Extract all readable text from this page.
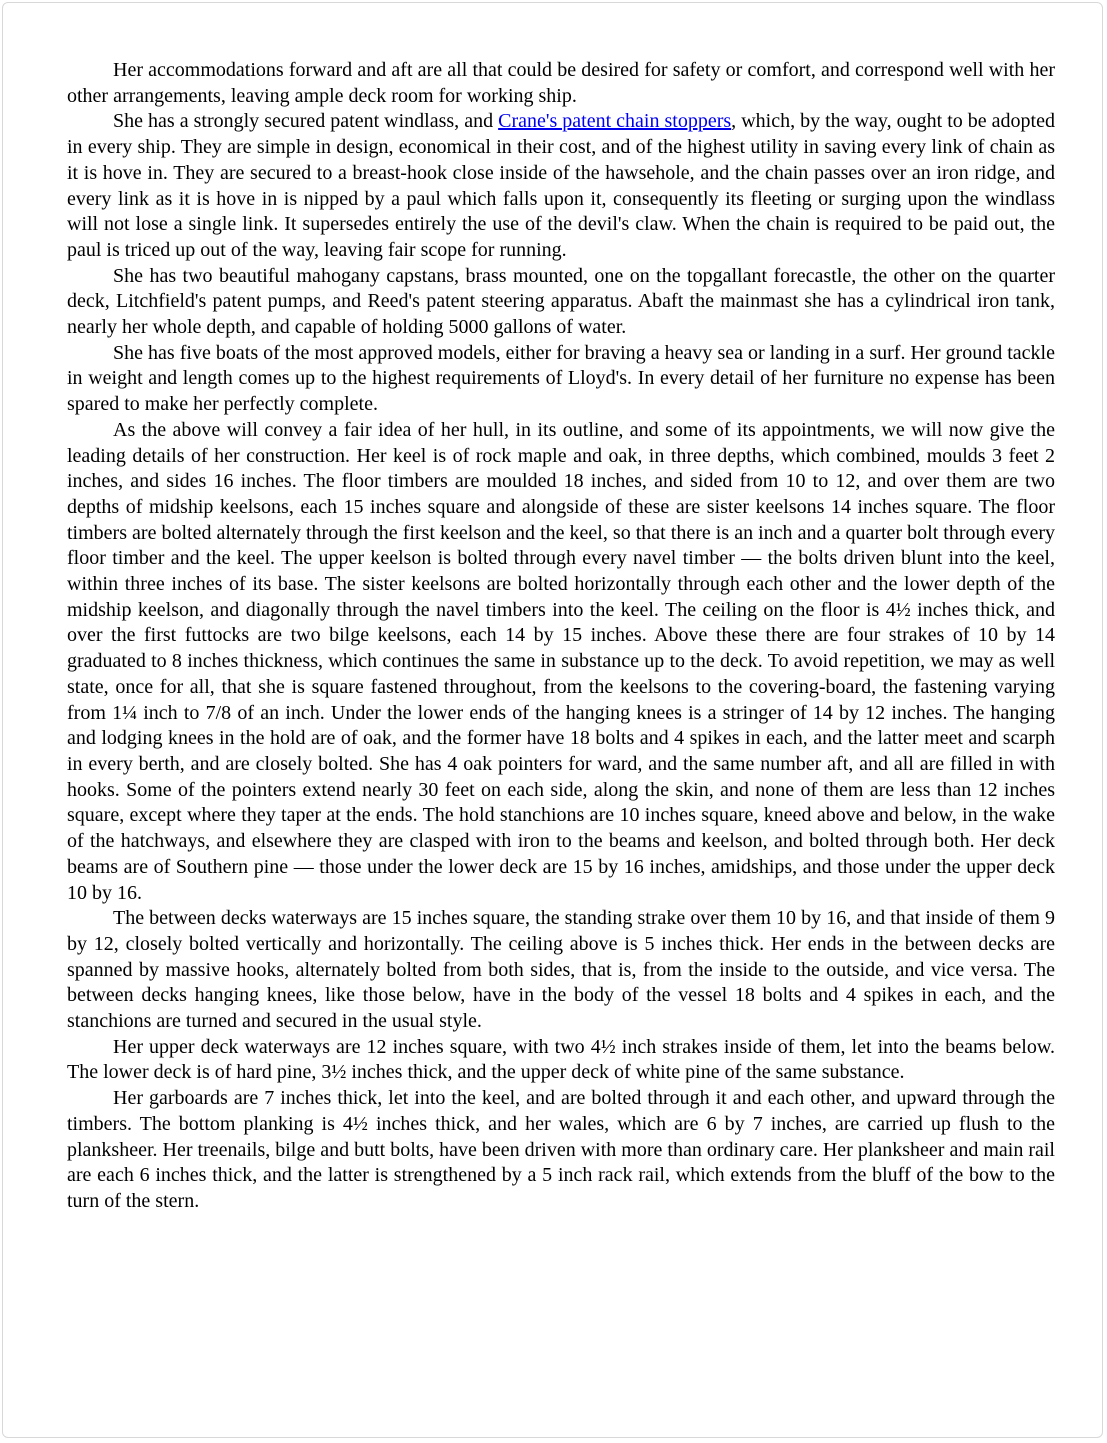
Her accommodations forward and aft are all that could be desired for safety or comfort, and correspond well with her other arrangements, leaving ample deck room for working ship.

She has a strongly secured patent windlass, and Crane's patent chain stoppers, which, by the way, ought to be adopted in every ship. They are simple in design, economical in their cost, and of the highest utility in saving every link of chain as it is hove in. They are secured to a breast-hook close inside of the hawsehole, and the chain passes over an iron ridge, and every link as it is hove in is nipped by a paul which falls upon it, consequently its fleeting or surging upon the windlass will not lose a single link. It supersedes entirely the use of the devil's claw. When the chain is required to be paid out, the paul is triced up out of the way, leaving fair scope for running.

She has two beautiful mahogany capstans, brass mounted, one on the topgallant forecastle, the other on the quarter deck, Litchfield's patent pumps, and Reed's patent steering apparatus. Abaft the mainmast she has a cylindrical iron tank, nearly her whole depth, and capable of holding 5000 gallons of water.

She has five boats of the most approved models, either for braving a heavy sea or landing in a surf. Her ground tackle in weight and length comes up to the highest requirements of Lloyd's. In every detail of her furniture no expense has been spared to make her perfectly complete.

As the above will convey a fair idea of her hull, in its outline, and some of its appointments, we will now give the leading details of her construction. Her keel is of rock maple and oak, in three depths, which combined, moulds 3 feet 2 inches, and sides 16 inches. The floor timbers are moulded 18 inches, and sided from 10 to 12, and over them are two depths of midship keelsons, each 15 inches square and alongside of these are sister keelsons 14 inches square. The floor timbers are bolted alternately through the first keelson and the keel, so that there is an inch and a quarter bolt through every floor timber and the keel. The upper keelson is bolted through every navel timber — the bolts driven blunt into the keel, within three inches of its base. The sister keelsons are bolted horizontally through each other and the lower depth of the midship keelson, and diagonally through the navel timbers into the keel. The ceiling on the floor is 4½ inches thick, and over the first futtocks are two bilge keelsons, each 14 by 15 inches. Above these there are four strakes of 10 by 14 graduated to 8 inches thickness, which continues the same in substance up to the deck. To avoid repetition, we may as well state, once for all, that she is square fastened throughout, from the keelsons to the covering-board, the fastening varying from 1¼ inch to 7/8 of an inch. Under the lower ends of the hanging knees is a stringer of 14 by 12 inches. The hanging and lodging knees in the hold are of oak, and the former have 18 bolts and 4 spikes in each, and the latter meet and scarph in every berth, and are closely bolted. She has 4 oak pointers for ward, and the same number aft, and all are filled in with hooks. Some of the pointers extend nearly 30 feet on each side, along the skin, and none of them are less than 12 inches square, except where they taper at the ends. The hold stanchions are 10 inches square, kneed above and below, in the wake of the hatchways, and elsewhere they are clasped with iron to the beams and keelson, and bolted through both. Her deck beams are of Southern pine — those under the lower deck are 15 by 16 inches, amidships, and those under the upper deck 10 by 16.

The between decks waterways are 15 inches square, the standing strake over them 10 by 16, and that inside of them 9 by 12, closely bolted vertically and horizontally. The ceiling above is 5 inches thick. Her ends in the between decks are spanned by massive hooks, alternately bolted from both sides, that is, from the inside to the outside, and vice versa. The between decks hanging knees, like those below, have in the body of the vessel 18 bolts and 4 spikes in each, and the stanchions are turned and secured in the usual style.

Her upper deck waterways are 12 inches square, with two 4½ inch strakes inside of them, let into the beams below. The lower deck is of hard pine, 3½ inches thick, and the upper deck of white pine of the same substance.

Her garboards are 7 inches thick, let into the keel, and are bolted through it and each other, and upward through the timbers. The bottom planking is 4½ inches thick, and her wales, which are 6 by 7 inches, are carried up flush to the planksheer. Her treenails, bilge and butt bolts, have been driven with more than ordinary care. Her planksheer and main rail are each 6 inches thick, and the latter is strengthened by a 5 inch rack rail, which extends from the bluff of the bow to the turn of the stern.
